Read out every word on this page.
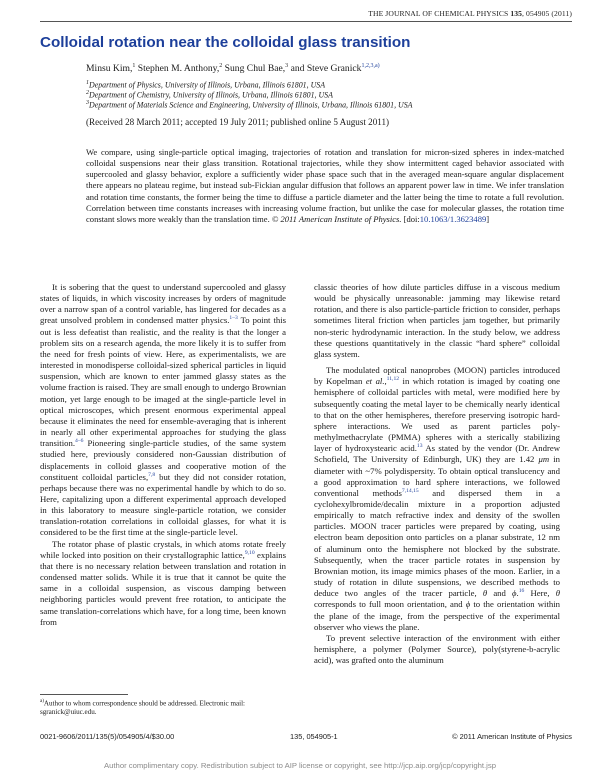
THE JOURNAL OF CHEMICAL PHYSICS 135, 054905 (2011)
Colloidal rotation near the colloidal glass transition
Minsu Kim,$^1$ Stephen M. Anthony,$^2$ Sung Chul Bae,$^3$ and Steve Granick$^{1,2,3,a)}$
$^1$Department of Physics, University of Illinois, Urbana, Illinois 61801, USA
$^2$Department of Chemistry, University of Illinois, Urbana, Illinois 61801, USA
$^3$Department of Materials Science and Engineering, University of Illinois, Urbana, Illinois 61801, USA
(Received 28 March 2011; accepted 19 July 2011; published online 5 August 2011)
We compare, using single-particle optical imaging, trajectories of rotation and translation for micron-sized spheres in index-matched colloidal suspensions near their glass transition. Rotational trajectories, while they show intermittent caged behavior associated with supercooled and glassy behavior, explore a sufficiently wider phase space such that in the averaged mean-square angular displacement there appears no plateau regime, but instead sub-Fickian angular diffusion that follows an apparent power law in time. We infer translation and rotation time constants, the former being the time to diffuse a particle diameter and the latter being the time to rotate a full revolution. Correlation between time constants increases with increasing volume fraction, but unlike the case for molecular glasses, the rotation time constant slows more weakly than the translation time. © 2011 American Institute of Physics. [doi:10.1063/1.3623489]

It is sobering that the quest to understand supercooled and glassy states of liquids, in which viscosity increases by orders of magnitude over a narrow span of a control variable, has lingered for decades as a great unsolved problem in condensed matter physics.$^{1-3}$ To point this out is less defeatist than realistic, and the reality is that the longer a problem sits on a research agenda, the more likely it is to suffer from the need for fresh points of view. Here, as experimentalists, we are interested in monodisperse colloidal-sized spherical particles in liquid suspension, which are known to enter jammed glassy states as the volume fraction is raised. They are small enough to undergo Brownian motion, yet large enough to be imaged at the single-particle level in optical microscopes, which present enormous experimental appeal because it eliminates the need for ensemble-averaging that is inherent in nearly all other experimental approaches for studying the glass transition.$^{4-6}$ Pioneering single-particle studies, of the same system studied here, previously considered non-Gaussian distribution of displacements in colloid glasses and cooperative motion of the constituent colloidal particles,$^{7,8}$ but they did not consider rotation, perhaps because there was no experimental handle by which to do so. Here, capitalizing upon a different experimental approach developed in this laboratory to measure single-particle rotation, we consider translation-rotation correlations in colloidal glasses, for what it is considered to be the first time at the single-particle level.

The rotator phase of plastic crystals, in which atoms rotate freely while locked into position on their crystallographic lattice,$^{9,10}$ explains that there is no necessary relation between translation and rotation in condensed matter solids. While it is true that it cannot be quite the same in a colloidal suspension, as viscous damping between neighboring particles would prevent free rotation, to anticipate the same translation-correlations which have, for a long time, been known from

classic theories of how dilute particles diffuse in a viscous medium would be physically unreasonable: jamming may likewise retard rotation, and there is also particle-particle friction to consider, perhaps sometimes literal friction when particles jam together, but primarily non-steric hydrodynamic interaction. In the study below, we address these questions quantitatively in the classic “hard sphere” colloidal glass system.

The modulated optical nanoprobes (MOON) particles introduced by Kopelman et al.,$^{11,12}$ in which rotation is imaged by coating one hemisphere of colloidal particles with metal, were modified here by subsequently coating the metal layer to be chemically nearly identical to that on the other hemispheres, therefore preserving isotropic hard-sphere interactions. We used as parent particles poly-methylmethacrylate (PMMA) spheres with a sterically stabilizing layer of hydroxystearic acid.$^{13}$ As stated by the vendor (Dr. Andrew Schofield, The University of Edinburgh, UK) they are 1.42 μm in diameter with ~7% polydispersity. To obtain optical translucency and a good approximation to hard sphere interactions, we followed conventional methods$^{7,14,15}$ and dispersed them in a cyclohexylbromide/decalin mixture in a proportion adjusted empirically to match refractive index and density of the swollen particles. MOON tracer particles were prepared by coating, using electron beam deposition onto particles on a planar substrate, 12 nm of aluminum onto the hemisphere not blocked by the substrate. Subsequently, when the tracer particle rotates in suspension by Brownian motion, its image mimics phases of the moon. Earlier, in a study of rotation in dilute suspensions, we described methods to deduce two angles of the tracer particle, θ and ϕ.$^{16}$ Here, θ corresponds to full moon orientation, and ϕ to the orientation within the plane of the image, from the perspective of the experimental observer who views the plane.

To prevent selective interaction of the environment with either hemisphere, a polymer (Polymer Source), poly(styrene-b-acrylic acid), was grafted onto the aluminum

$^{a)}$Author to whom correspondence should be addressed. Electronic mail: sgranick@uiuc.edu.
0021-9606/2011/135(5)/054905/4/$30.00	135, 054905-1	© 2011 American Institute of Physics
Author complimentary copy. Redistribution subject to AIP license or copyright, see http://jcp.aip.org/jcp/copyright.jsp
